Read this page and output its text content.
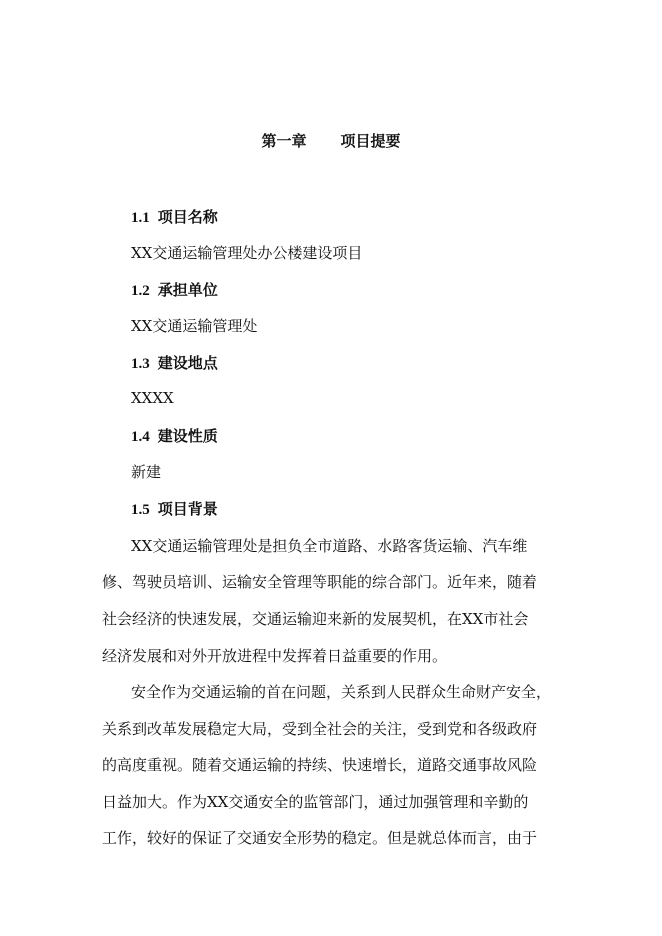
第一章 项目提要
1.1 项目名称
XX交通运输管理处办公楼建设项目
1.2 承担单位
XX交通运输管理处
1.3 建设地点
XXXX
1.4 建设性质
新建
1.5 项目背景
XX交通运输管理处是担负全市道路、水路客货运输、汽车维
修、驾驶员培训、运输安全管理等职能的综合部门。近年来，随着
社会经济的快速发展，交通运输迎来新的发展契机，在XX市社会
经济发展和对外开放进程中发挥着日益重要的作用。
安全作为交通运输的首在问题，关系到人民群众生命财产安全，
关系到改革发展稳定大局，受到全社会的关注，受到党和各级政府
的高度重视。随着交通运输的持续、快速增长，道路交通事故风险
日益加大。作为XX交通安全的监管部门，通过加强管理和辛勤的
工作，较好的保证了交通安全形势的稳定。但是就总体而言，由于
